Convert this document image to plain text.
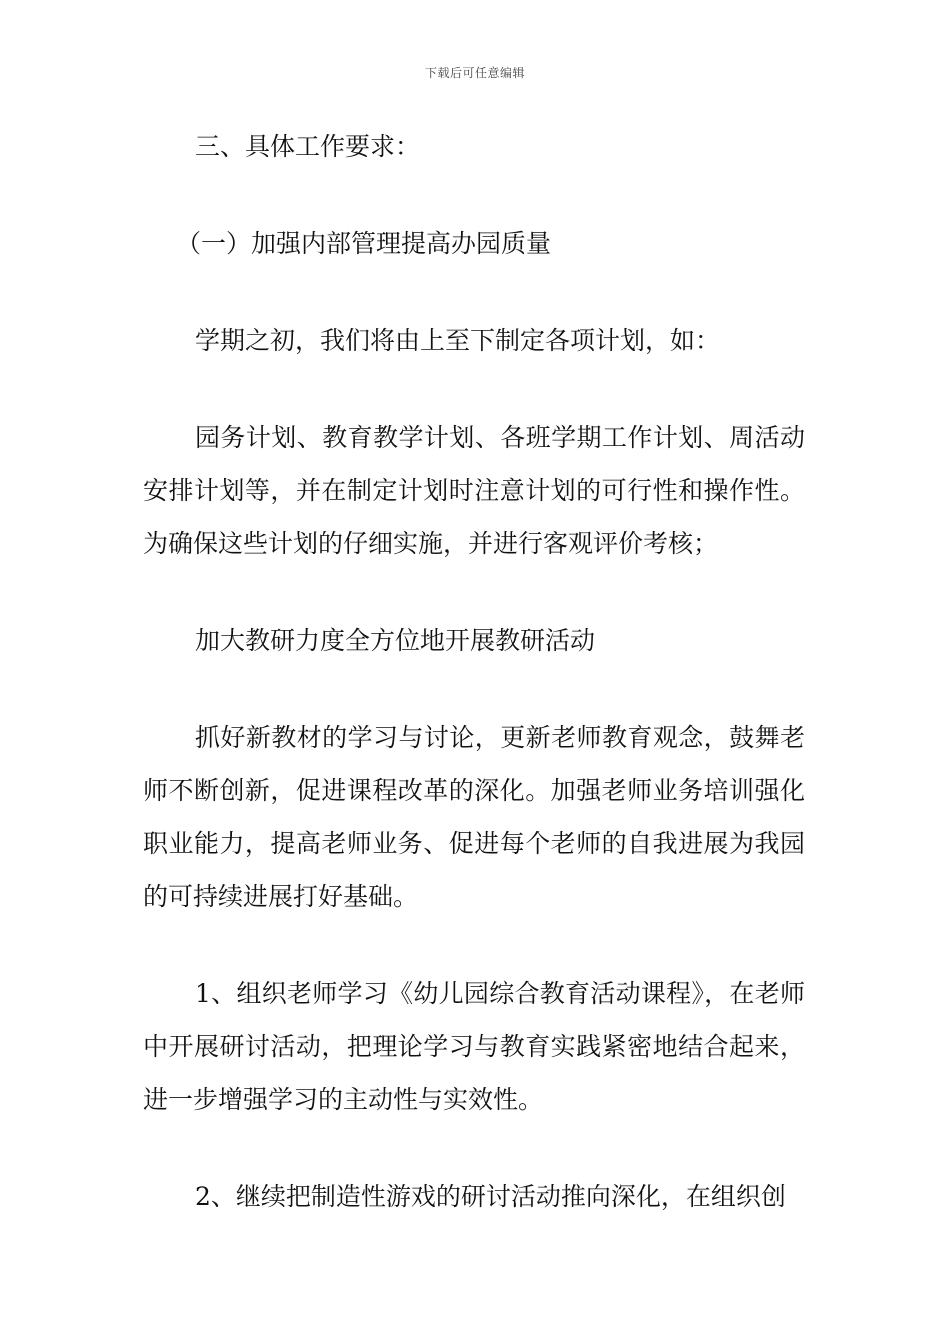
下载后可任意编辑

三、具体工作要求：

（一）加强内部管理提高办园质量

学期之初，我们将由上至下制定各项计划，如：

园务计划、教育教学计划、各班学期工作计划、周活动安排计划等，并在制定计划时注意计划的可行性和操作性。为确保这些计划的仔细实施，并进行客观评价考核；

加大教研力度全方位地开展教研活动

抓好新教材的学习与讨论，更新老师教育观念，鼓舞老师不断创新，促进课程改革的深化。加强老师业务培训强化职业能力，提高老师业务、促进每个老师的自我进展为我园的可持续进展打好基础。

1、组织老师学习《幼儿园综合教育活动课程》，在老师中开展研讨活动，把理论学习与教育实践紧密地结合起来，进一步增强学习的主动性与实效性。

2、继续把制造性游戏的研讨活动推向深化，在组织创
